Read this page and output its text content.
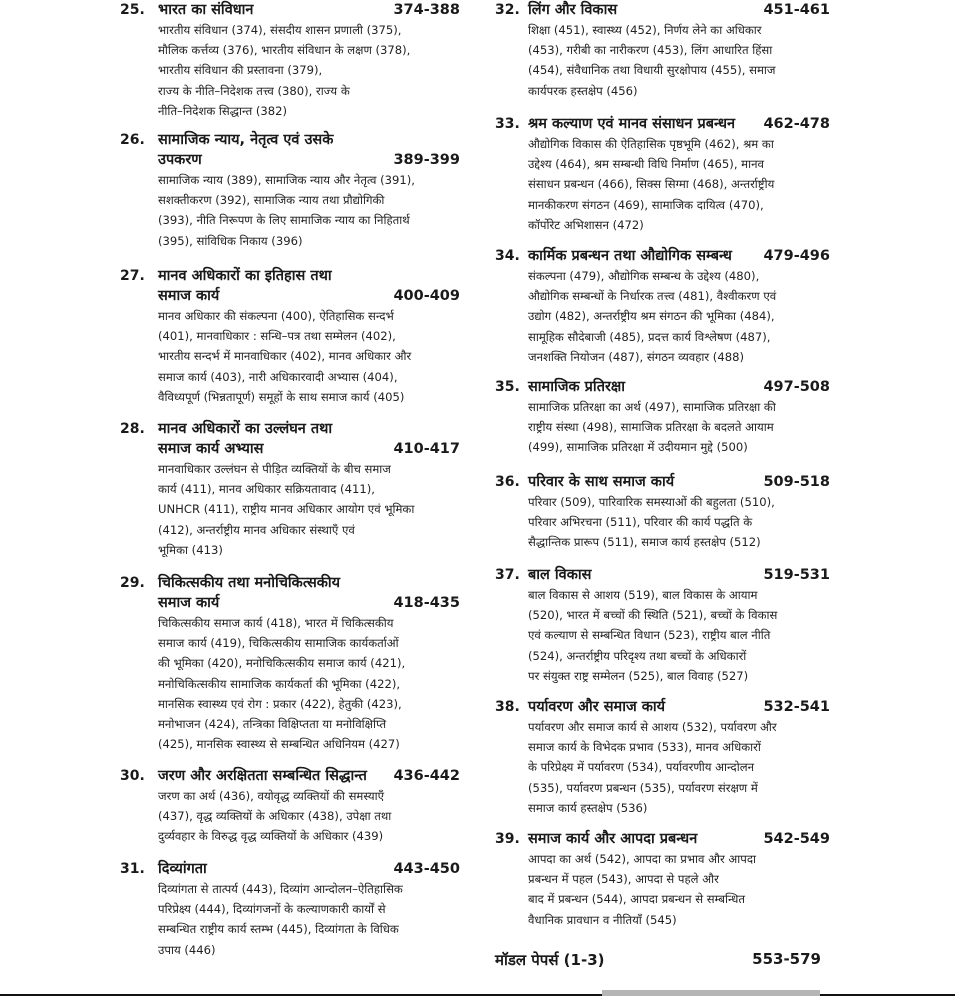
25. भारत का संविधान	374-388
भारतीय संविधान (374), संसदीय शासन प्रणाली (375),
मौलिक कर्त्तव्य (376), भारतीय संविधान के लक्षण (378),
भारतीय संविधान की प्रस्तावना (379),
राज्य के नीति–निदेशक तत्त्व (380), राज्य के
नीति–निदेशक सिद्धान्त (382)
26. सामाजिक न्याय, नेतृत्व एवं उसके
उपकरण	389-399
सामाजिक न्याय (389), सामाजिक न्याय और नेतृत्व (391),
सशक्तीकरण (392), सामाजिक न्याय तथा प्रौद्योगिकी
(393), नीति निरूपण के लिए सामाजिक न्याय का निहितार्थ
(395), सांविधिक निकाय (396)
27. मानव अधिकारों का इतिहास तथा
समाज कार्य	400-409
मानव अधिकार की संकल्पना (400), ऐतिहासिक सन्दर्भ
(401), मानवाधिकार : सन्धि–पत्र तथा सम्मेलन (402),
भारतीय सन्दर्भ में मानवाधिकार (402), मानव अधिकार और
समाज कार्य (403), नारी अधिकारवादी अभ्यास (404),
वैविध्यपूर्ण (भिन्नतापूर्ण) समूहों के साथ समाज कार्य (405)
28. मानव अधिकारों का उल्लंघन तथा
समाज कार्य अभ्यास	410-417
मानवाधिकार उल्लंघन से पीड़ित व्यक्तियों के बीच समाज
कार्य (411), मानव अधिकार सक्रियतावाद (411),
UNHCR (411), राष्ट्रीय मानव अधिकार आयोग एवं भूमिका
(412), अन्तर्राष्ट्रीय मानव अधिकार संस्थाएँ एवं
भूमिका (413)
29. चिकित्सकीय तथा मनोचिकित्सकीय
समाज कार्य	418-435
चिकित्सकीय समाज कार्य (418), भारत में चिकित्सकीय
समाज कार्य (419), चिकित्सकीय सामाजिक कार्यकर्ताओं
की भूमिका (420), मनोचिकित्सकीय समाज कार्य (421),
मनोचिकित्सकीय सामाजिक कार्यकर्ता की भूमिका (422),
मानसिक स्वास्थ्य एवं रोग : प्रकार (422), हेतुकी (423),
मनोभाजन (424), तन्त्रिका विक्षिप्तता या मनोविक्षिप्ति
(425), मानसिक स्वास्थ्य से सम्बन्धित अधिनियम (427)
30. जरण और अरक्षितता सम्बन्धित सिद्धान्त 436-442
जरण का अर्थ (436), वयोवृद्ध व्यक्तियों की समस्याएँ
(437), वृद्ध व्यक्तियों के अधिकार (438), उपेक्षा तथा
दुर्व्यवहार के विरुद्ध वृद्ध व्यक्तियों के अधिकार (439)
31. दिव्यांगता	443-450
दिव्यांगता से तात्पर्य (443), दिव्यांग आन्दोलन–ऐतिहासिक
परिप्रेक्ष्य (444), दिव्यांगजनों के कल्याणकारी कार्यों से
सम्बन्धित राष्ट्रीय कार्य स्तम्भ (445), दिव्यांगता के विधिक
उपाय (446)
32. लिंग और विकास	451-461
शिक्षा (451), स्वास्थ्य (452), निर्णय लेने का अधिकार
(453), गरीबी का नारीकरण (453), लिंग आधारित हिंसा
(454), संवैधानिक तथा विधायी सुरक्षोपाय (455), समाज
कार्यपरक हस्तक्षेप (456)
33. श्रम कल्याण एवं मानव संसाधन प्रबन्धन 462-478
औद्योगिक विकास की ऐतिहासिक पृष्ठभूमि (462), श्रम का
उद्देश्य (464), श्रम सम्बन्धी विधि निर्माण (465), मानव
संसाधन प्रबन्धन (466), सिक्स सिग्मा (468), अन्तर्राष्ट्रीय
मानकीकरण संगठन (469), सामाजिक दायित्व (470),
कॉर्पोरेट अभिशासन (472)
34. कार्मिक प्रबन्धन तथा औद्योगिक सम्बन्ध 479-496
संकल्पना (479), औद्योगिक सम्बन्ध के उद्देश्य (480),
औद्योगिक सम्बन्धों के निर्धारक तत्त्व (481), वैश्वीकरण एवं
उद्योग (482), अन्तर्राष्ट्रीय श्रम संगठन की भूमिका (484),
सामूहिक सौदेबाजी (485), प्रदत्त कार्य विश्लेषण (487),
जनशक्ति नियोजन (487), संगठन व्यवहार (488)
35. सामाजिक प्रतिरक्षा	497-508
सामाजिक प्रतिरक्षा का अर्थ (497), सामाजिक प्रतिरक्षा की
राष्ट्रीय संस्था (498), सामाजिक प्रतिरक्षा के बदलते आयाम
(499), सामाजिक प्रतिरक्षा में उदीयमान मुद्दे (500)
36. परिवार के साथ समाज कार्य	509-518
परिवार (509), पारिवारिक समस्याओं की बहुलता (510),
परिवार अभिरचना (511), परिवार की कार्य पद्धति के
सैद्धान्तिक प्रारूप (511), समाज कार्य हस्तक्षेप (512)
37. बाल विकास	519-531
बाल विकास से आशय (519), बाल विकास के आयाम
(520), भारत में बच्चों की स्थिति (521), बच्चों के विकास
एवं कल्याण से सम्बन्धित विधान (523), राष्ट्रीय बाल नीति
(524), अन्तर्राष्ट्रीय परिदृश्य तथा बच्चों के अधिकारों
पर संयुक्त राष्ट्र सम्मेलन (525), बाल विवाह (527)
38. पर्यावरण और समाज कार्य	532-541
पर्यावरण और समाज कार्य से आशय (532), पर्यावरण और
समाज कार्य के विभेदक प्रभाव (533), मानव अधिकारों
के परिप्रेक्ष्य में पर्यावरण (534), पर्यावरणीय आन्दोलन
(535), पर्यावरण प्रबन्धन (535), पर्यावरण संरक्षण में
समाज कार्य हस्तक्षेप (536)
39. समाज कार्य और आपदा प्रबन्धन	542-549
आपदा का अर्थ (542), आपदा का प्रभाव और आपदा
प्रबन्धन में पहल (543), आपदा से पहले और
बाद में प्रबन्धन (544), आपदा प्रबन्धन से सम्बन्धित
वैधानिक प्रावधान व नीतियाँ (545)
मॉडल पेपर्स (1-3)	553-579
